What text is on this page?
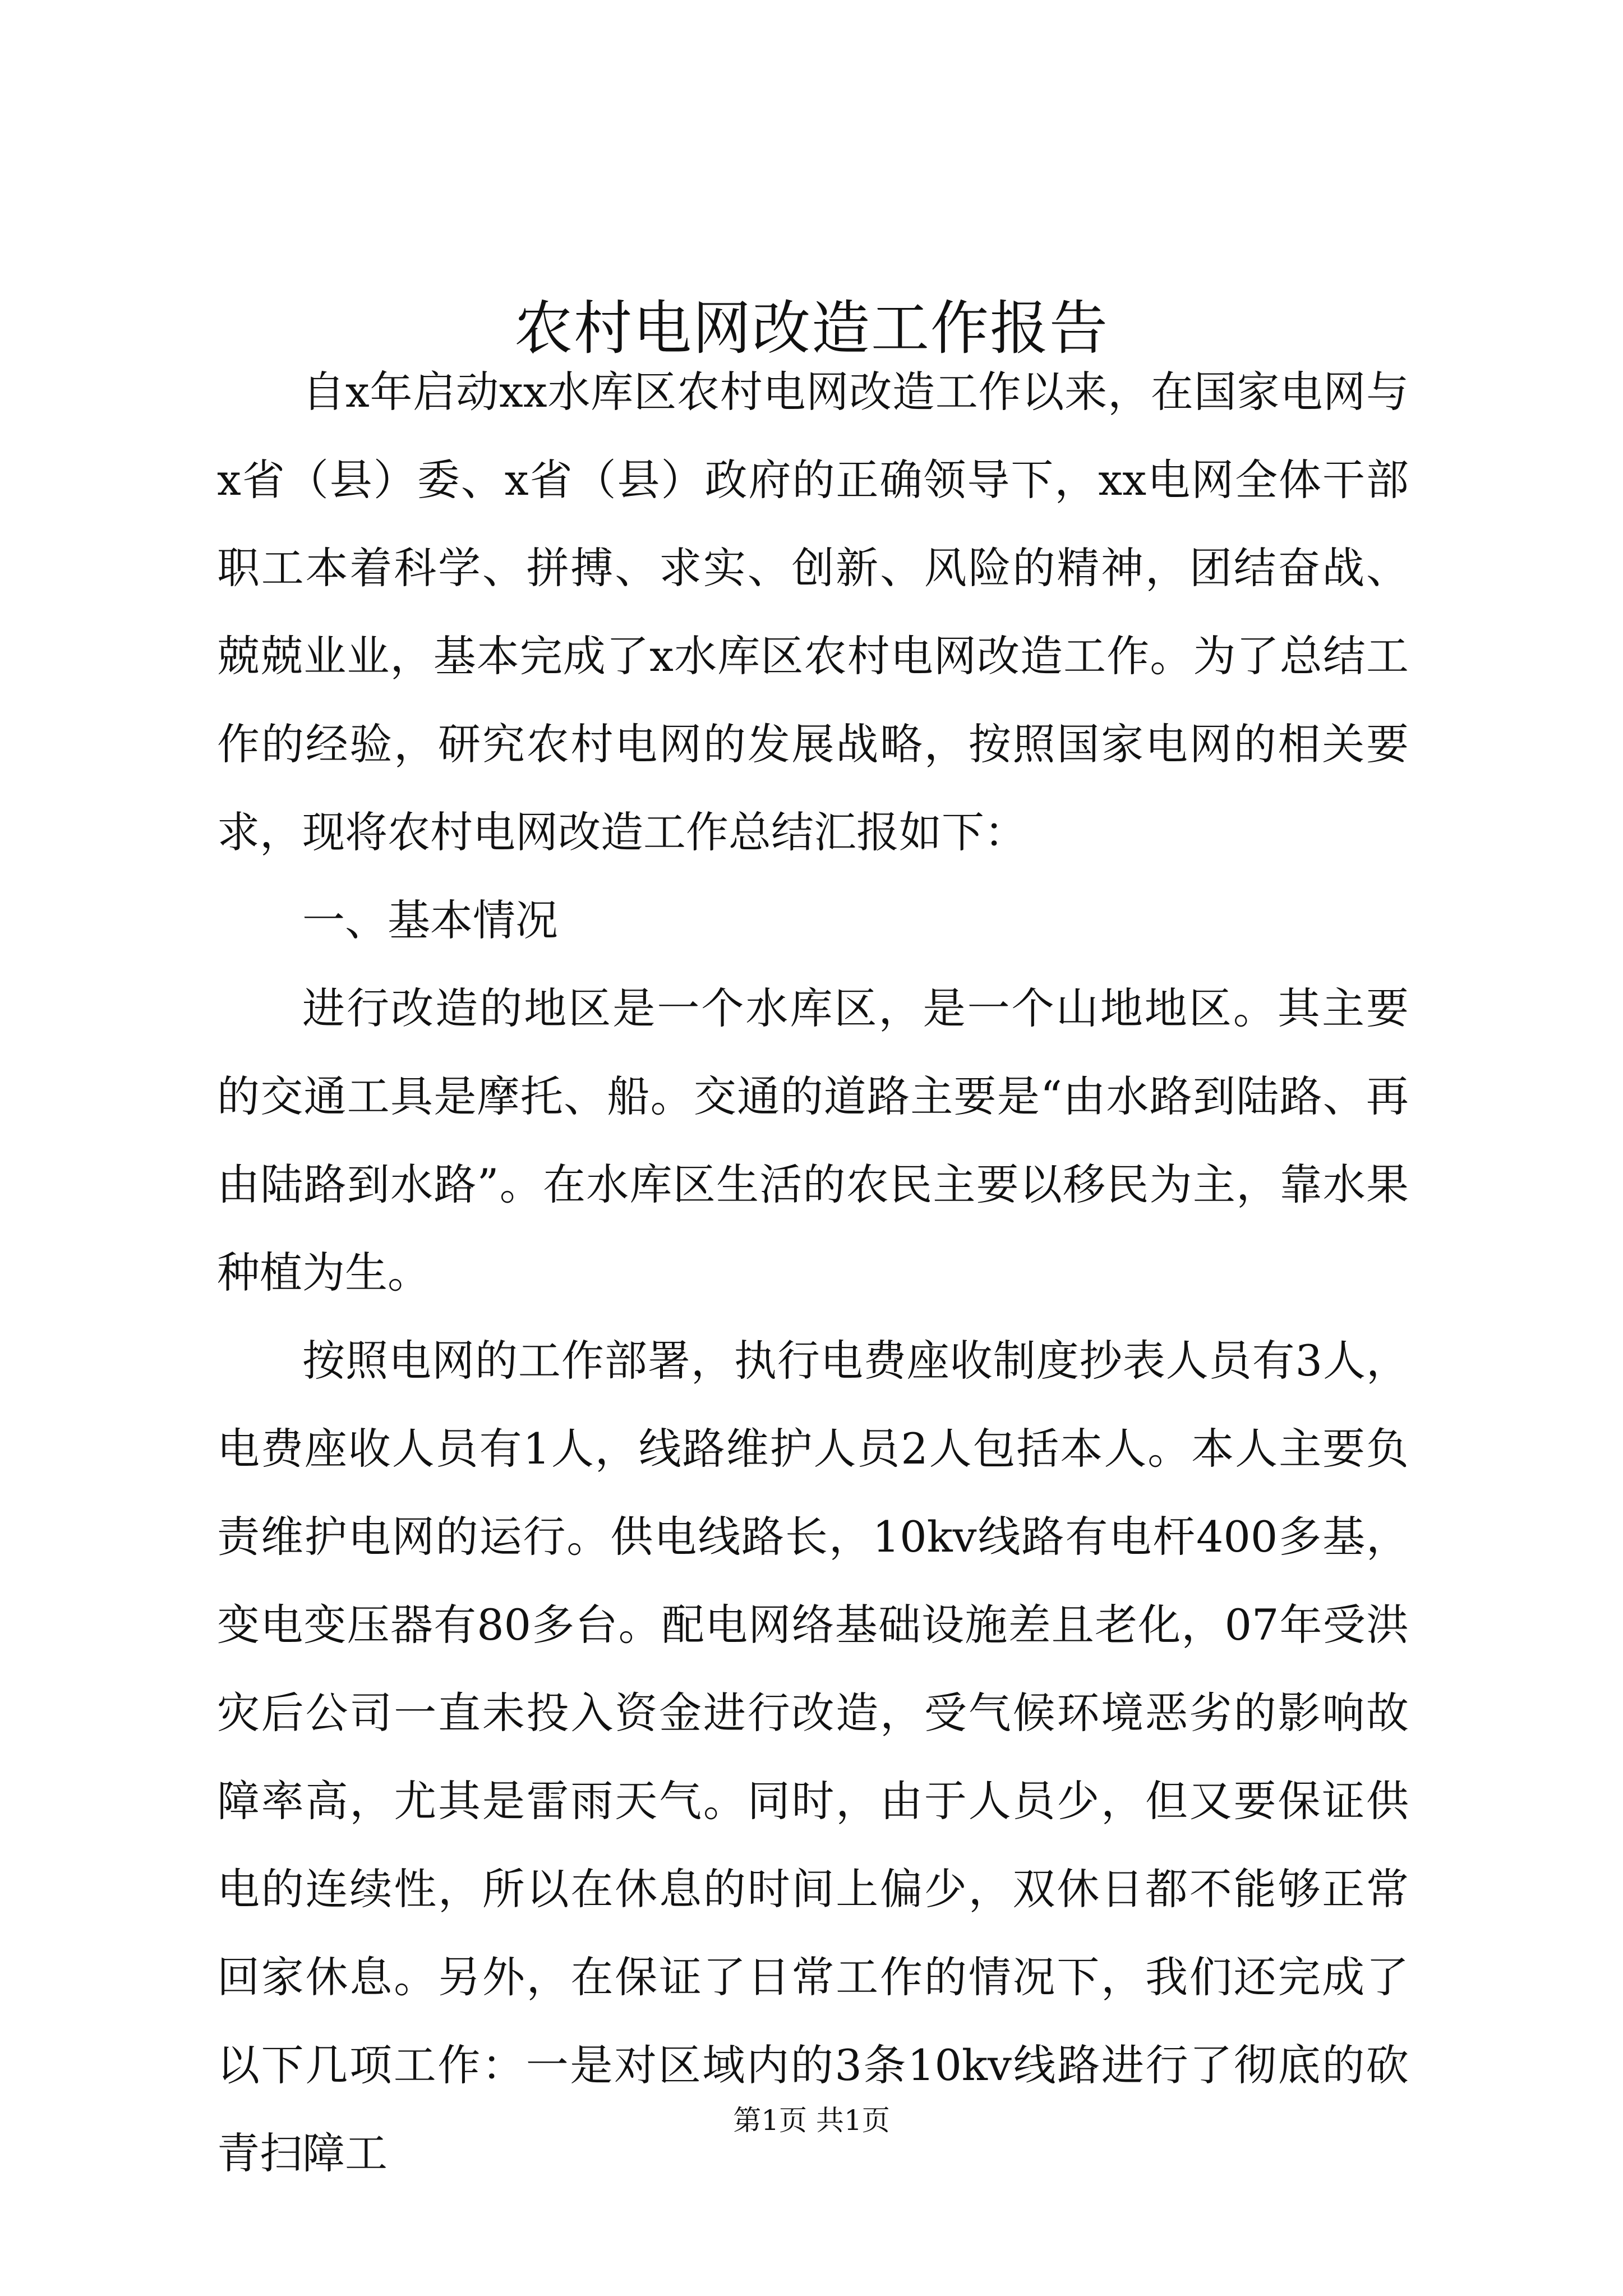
农村电网改造工作报告

自x年启动xx水库区农村电网改造工作以来，在国家电网与x省（县）委、x省（县）政府的正确领导下，xx电网全体干部职工本着科学、拼搏、求实、创新、风险的精神，团结奋战、兢兢业业，基本完成了x水库区农村电网改造工作。为了总结工作的经验，研究农村电网的发展战略，按照国家电网的相关要求，现将农村电网改造工作总结汇报如下：

一、基本情况

进行改造的地区是一个水库区，是一个山地地区。其主要的交通工具是摩托、船。交通的道路主要是“由水路到陆路、再由陆路到水路”。在水库区生活的农民主要以移民为主，靠水果种植为生。

按照电网的工作部署，执行电费座收制度抄表人员有3人，电费座收人员有1人，线路维护人员2人包括本人。本人主要负责维护电网的运行。供电线路长，10kv线路有电杆400多基，变电变压器有80多台。配电网络基础设施差且老化，07年受洪灾后公司一直未投入资金进行改造，受气候环境恶劣的影响故障率高，尤其是雷雨天气。同时，由于人员少，但又要保证供电的连续性，所以在休息的时间上偏少，双休日都不能够正常回家休息。另外，在保证了日常工作的情况下，我们还完成了以下几项工作：一是对区域内的3条10kv线路进行了彻底的砍青扫障工

第1页 共1页
